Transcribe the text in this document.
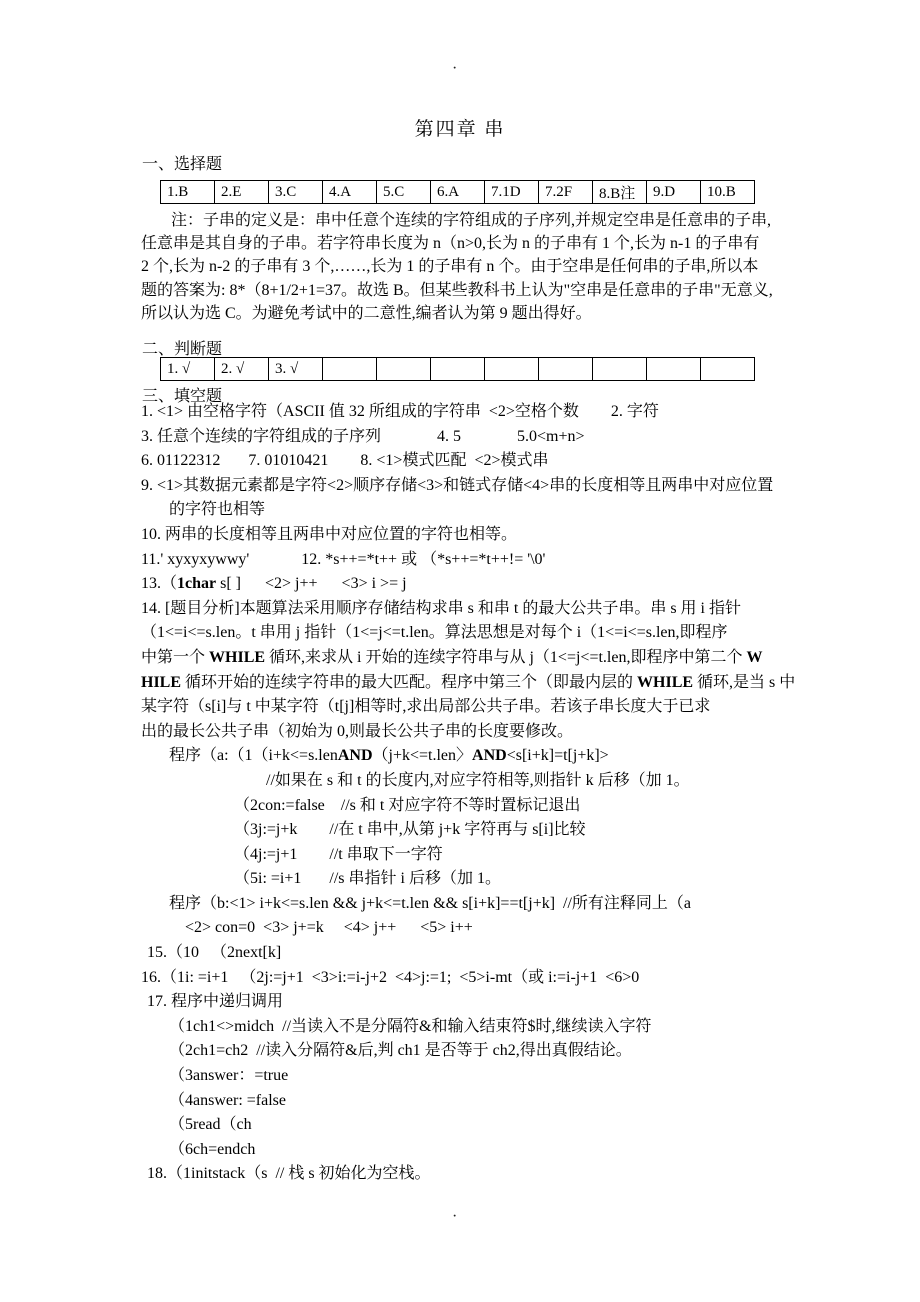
·
第四章 串
一、选择题
1.B	2.E	3.C	4.A	5.C	6.A	7.1D	7.2F	8.B注	9.D	10.B
注：子串的定义是：串中任意个连续的字符组成的子序列,并规定空串是任意串的子串,
任意串是其自身的子串。若字符串长度为 n（n>0,长为 n 的子串有 1 个,长为 n-1 的子串有
2 个,长为 n-2 的子串有 3 个,……,长为 1 的子串有 n 个。由于空串是任何串的子串,所以本
题的答案为: 8*（8+1/2+1=37。故选 B。但某些教科书上认为"空串是任意串的子串"无意义,
所以认为选 C。为避免考试中的二意性,编者认为第 9 题出得好。
二、判断题
1. √	2. √	3. √								
三、填空题
1. <1> 由空格字符（ASCII 值 32 所组成的字符串  <2>空格个数        2. 字符
3. 任意个连续的字符组成的子序列              4. 5              5.0<m+n>
6. 01122312       7. 01010421        8. <1>模式匹配  <2>模式串
9. <1>其数据元素都是字符<2>顺序存储<3>和链式存储<4>串的长度相等且两串中对应位置
的字符也相等
10. 两串的长度相等且两串中对应位置的字符也相等。
11.' xyxyxywwy'             12. *s++=*t++ 或 （*s++=*t++!= '\0'
13.（1char s[ ]      <2> j++      <3> i >= j
14. [题目分析]本题算法采用顺序存储结构求串 s 和串 t 的最大公共子串。串 s 用 i 指针
（1<=i<=s.len。t 串用 j 指针（1<=j<=t.len。算法思想是对每个 i（1<=i<=s.len,即程序
中第一个 WHILE 循环,来求从 i 开始的连续字符串与从 j（1<=j<=t.len,即程序中第二个 W
HILE 循环开始的连续字符串的最大匹配。程序中第三个（即最内层的 WHILE 循环,是当 s 中
某字符（s[i]与 t 中某字符（t[j]相等时,求出局部公共子串。若该子串长度大于已求
出的最长公共子串（初始为 0,则最长公共子串的长度要修改。
程序（a:（1（i+k<=s.lenAND（j+k<=t.len〉AND<s[i+k]=t[j+k]>
//如果在 s 和 t 的长度内,对应字符相等,则指针 k 后移（加 1。
（2con:=false    //s 和 t 对应字符不等时置标记退出
（3j:=j+k        //在 t 串中,从第 j+k 字符再与 s[i]比较
（4j:=j+1        //t 串取下一字符
（5i: =i+1       //s 串指针 i 后移（加 1。
程序（b:<1> i+k<=s.len && j+k<=t.len && s[i+k]==t[j+k]  //所有注释同上（a
<2> con=0  <3> j+=k     <4> j++      <5> i++
15.（10   （2next[k]
16.（1i: =i+1   （2j:=j+1  <3>i:=i-j+2  <4>j:=1;  <5>i-mt（或 i:=i-j+1  <6>0
17. 程序中递归调用
（1ch1<>midch  //当读入不是分隔符&和输入结束符$时,继续读入字符
（2ch1=ch2  //读入分隔符&后,判 ch1 是否等于 ch2,得出真假结论。
（3answer：=true
（4answer: =false
（5read（ch
（6ch=endch
18.（1initstack（s  // 栈 s 初始化为空栈。
·
